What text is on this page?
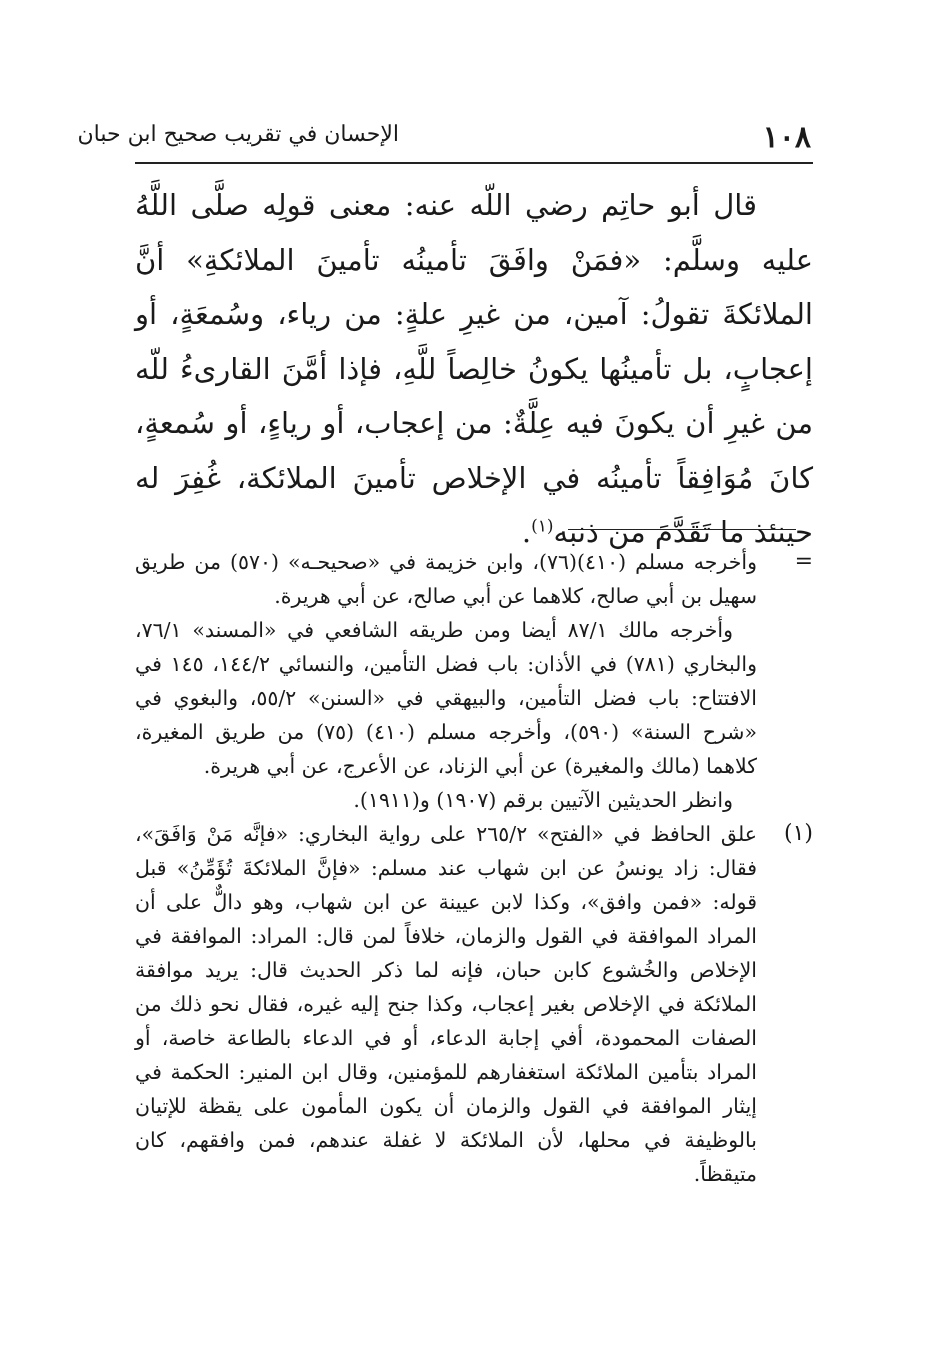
١٠٨
الإحسان في تقريب صحيح ابن حبان

قال أبو حاتِم رضي اللّه عنه: معنى قولِه صلَّى اللَّهُ عليه وسلَّم: «فمَنْ وافَقَ تأمينُه تأمينَ الملائكةِ» أنَّ الملائكةَ تقولُ: آمين، من غيرِ علةٍ: من رياء، وسُمعَةٍ، أو إعجابٍ، بل تأمينُها يكونُ خالِصاً للَّهِ، فإذا أمَّنَ القارىءُ للّه من غيرِ أن يكونَ فيه عِلَّةٌ: من إعجاب، أو رياءٍ، أو سُمعةٍ، كانَ مُوَافِقاً تأمينُه في الإخلاص تأمينَ الملائكة، غُفِرَ له حينئذ ما تَقَدَّمَ من ذنبه$^{(١)}$.

=

وأخرجه مسلم (٤١٠)(٧٦)، وابن خزيمة في «صحيحـه» (٥٧٠) من طريق سهيل بن أبي صالح، كلاهما عن أبي صالح، عن أبي هريرة.

وأخرجه مالك ٨٧/١ أيضا ومن طريقه الشافعي في «المسند» ٧٦/١، والبخاري (٧٨١) في الأذان: باب فضل التأمين، والنسائي ١٤٤/٢، ١٤٥ في الافتتاح: باب فضل التأمين، والبيهقي في «السنن» ٥٥/٢، والبغوي في «شرح السنة» (٥٩٠)، وأخرجه مسلم (٤١٠) (٧٥) من طريق المغيرة، كلاهما (مالك والمغيرة) عن أبي الزناد، عن الأعرج، عن أبي هريرة.

وانظر الحديثين الآتيين برقم (١٩٠٧) و(١٩١١).

(١)

علق الحافظ في «الفتح» ٢٦٥/٢ على رواية البخاري: «فإنَّه مَنْ وَافَقَ»، فقال: زاد يونسُ عن ابن شهاب عند مسلم: «فإنَّ الملائكةَ تُؤَمِّنُ» قبل قوله: «فمن وافق»، وكذا لابن عيينة عن ابن شهاب، وهو دالٌّ على أن المراد الموافقة في القول والزمان، خلافاً لمن قال: المراد: الموافقة في الإخلاص والخُشوع كابن حبان، فإنه لما ذكر الحديث قال: يريد موافقة الملائكة في الإخلاص بغير إعجاب، وكذا جنح إليه غيره، فقال نحو ذلك من الصفات المحمودة، أفي إجابة الدعاء، أو في الدعاء بالطاعة خاصة، أو المراد بتأمين الملائكة استغفارهم للمؤمنين، وقال ابن المنير: الحكمة في إيثار الموافقة في القول والزمان أن يكون المأمون على يقظة للإتيان بالوظيفة في محلها، لأن الملائكة لا غفلة عندهم، فمن وافقهم، كان متيقظاً.
